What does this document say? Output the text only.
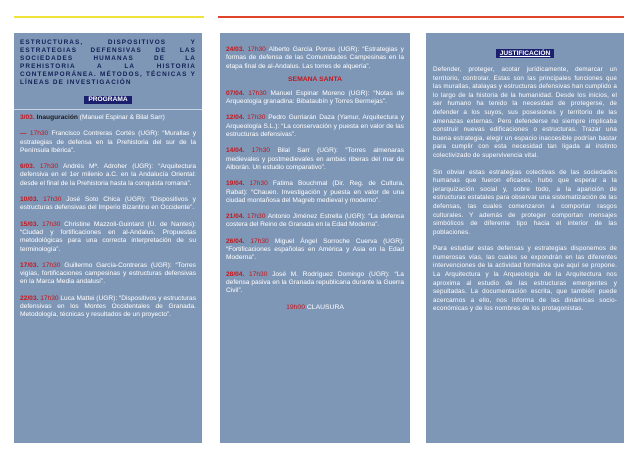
ESTRUCTURAS, DISPOSITIVOS Y ESTRATEGIAS DEFENSIVAS DE LAS SOCIEDADES HUMANAS DE LA PREHISTORIA A LA HISTORIA CONTEMPORÁNEA. MÉTODOS, TÉCNICAS Y LÍNEAS DE INVESTIGACIÓN
PROGRAMA
3/03. Inauguración (Manuel Espinar & Bilal Sarr)
— 17h30 Francisco Contreras Cortés (UGR): “Murallas y estrategias de defensa en la Prehistoria del sur de la Península Ibérica”.
6/03. 17h30 Andrés Mª. Adroher (UGR): “Arquitectura defensiva en el 1er milenio a.C. en la Andalucía Oriental: desde el final de la Prehistoria hasta la conquista romana”.
10/03. 17h30 José Soto Chica (UGR): “Dispositivos y estructuras defensivas del Imperio Bizantino en Occidente”.
15/03. 17h30 Christine Mazzoli-Guintard (U. de Nantes): “Ciudad y fortificaciones en al-Andalus. Propuestas metodológicas para una correcta interpretación de su terminología”.
17/03. 17h30 Guillermo García-Contreras (UGR): “Torres vigías, fortificaciones campesinas y estructuras defensivas en la Marca Media andalusí”.
22/03. 17h30 Luca Mattei (UGR): “Dispositivos y estructuras defensivas en los Montes Occidentales de Granada. Metodología, técnicas y resultados de un proyecto”.
24/03. 17h30 Alberto García Porras (UGR): “Estrategias y formas de defensa de las Comunidades Campesinas en la etapa final de al-Andalus. Las torres de alquería”.
SEMANA SANTA
07/04. 17h30 Manuel Espinar Moreno (UGR): “Notas de Arqueología granadina: Bibataubín y Torres Bermejas”.
12/04. 17h30 Pedro Gurriarán Daza (Yamur, Arquitectura y Arqueología S.L.): “La conservación y puesta en valor de las estructuras defensivas”.
14/04. 17h30 Bilal Sarr (UGR): “Torres almenaras medievales y postmedievales en ambas riberas del mar de Alborán. Un estudio comparativo”.
19/04. 17h30 Fatima Bouchmal (Dir. Reg. de Cultura, Rabat): “Chauen. Investigación y puesta en valor de una ciudad montañosa del Magreb medieval y moderno”.
21/04. 17h30 Antonio Jiménez Estrella (UGR): “La defensa costera del Reino de Granada en la Edad Moderna”.
26/04. 17h30 Miguel Ángel Sorroche Cuerva (UGR): “Fortificaciones españolas en América y Asia en la Edad Moderna”.
28/04. 17h30 José M. Rodríguez Domingo (UGR): “La defensa pasiva en la Granada republicana durante la Guerra Civil”.
19h00 CLAUSURA
JUSTIFICACIÓN

Defender, proteger, acotar jurídicamente, demarcar un territorio, controlar. Estas son las principales funciones que las murallas, atalayas y estructuras defensivas han cumplido a lo largo de la historia de la humanidad. Desde los inicios, el ser humano ha tenido la necesidad de protegerse, de defender a los suyos, sus posesiones y territorio de las amenazas externas. Pero defenderse no siempre implicaba construir nuevas edificaciones o estructuras. Trazar una buena estrategia, elegir un espacio inaccesible podrían bastar para cumplir con esta necesidad tan ligada al instinto colectivizado de supervivencia vital.

Sin obviar estas estrategias colectivas de las sociedades humanas que fueron eficaces, hubo que esperar a la jerarquización social y, sobre todo, a la aparición de estructuras estatales para observar una sistematización de las defensas, las cuales comenzaron a comportar rasgos culturales. Y además de proteger comportan mensajes simbólicos de diferente tipo hacia el interior de las poblaciones.

Para estudiar estas defensas y estrategias disponemos de numerosas vías, las cuales se expondrán en las diferentes intervenciones de la actividad formativa que aquí se propone. La Arquitectura y la Arqueología de la Arquitectura nos aproxima al estudio de las estructuras emergentes y sepultadas. La documentación escrita, que también puede acercarnos a ello, nos informa de las dinámicas socio-económicas y de los nombres de los protagonistas.
